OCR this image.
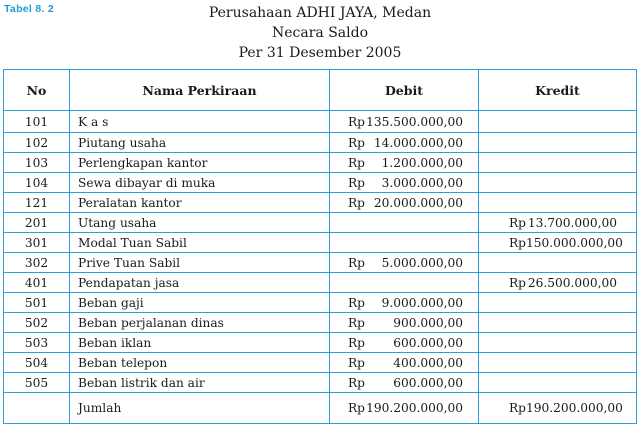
Tabel 8. 2	Perusahaan ADHI JAYA, Medan
Necara Saldo
Per 31 Desember 2005
No	Nama Perkiraan	Debit	Kredit
101	K a s	Rp 135.500.000,00	

102	Piutang usaha	Rp 14.000.000,00	

103	Perlengkapan kantor	Rp 1.200.000,00	

104	Sewa dibayar di muka	Rp 3.000.000,00	

121	Peralatan kantor	Rp 20.000.000,00	

201	Utang usaha		Rp 13.700.000,00

301	Modal Tuan Sabil		Rp 150.000.000,00

302	Prive Tuan Sabil	Rp 5.000.000,00	

401	Pendapatan jasa		Rp 26.500.000,00

501	Beban gaji	Rp 9.000.000,00	

502	Beban perjalanan dinas	Rp 900.000,00	

503	Beban iklan	Rp 600.000,00	

504	Beban telepon	Rp 400.000,00	

505	Beban listrik dan air	Rp 600.000,00	

	Jumlah	Rp 190.200.000,00	Rp 190.200.000,00
